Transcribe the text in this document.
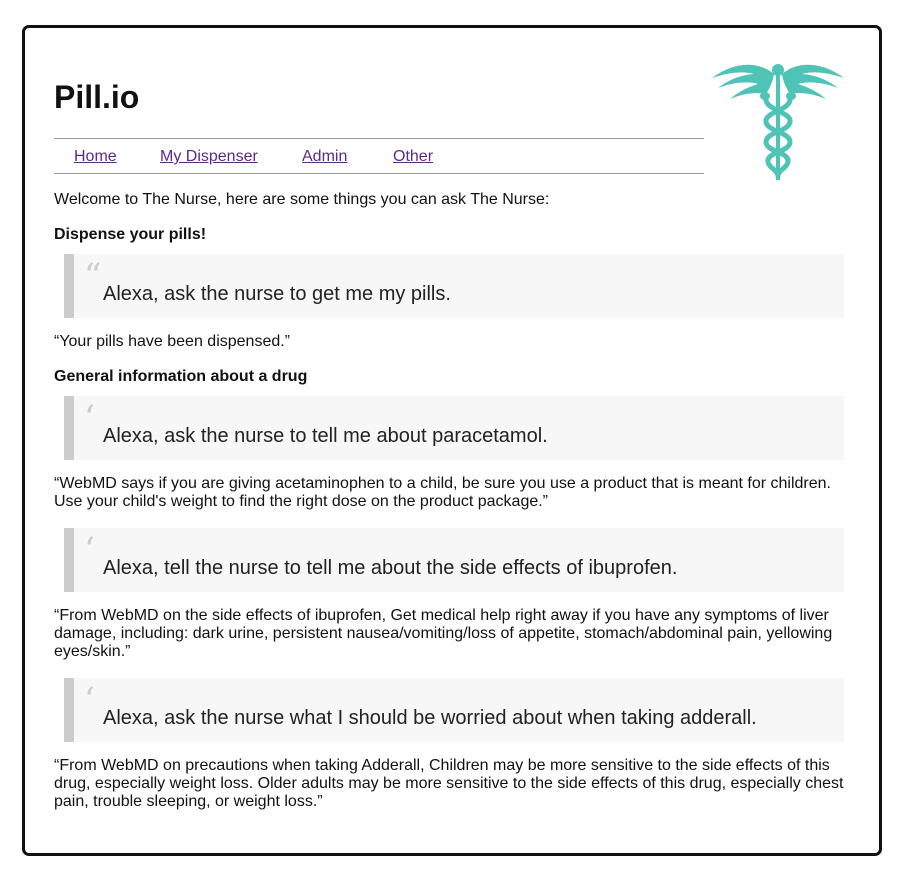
Pill.io
Home	My Dispenser	Admin	Other

Welcome to The Nurse, here are some things you can ask The Nurse:

Dispense your pills!
“ Alexa, ask the nurse to get me my pills.

“Your pills have been dispensed.”

General information about a drug
‘ Alexa, ask the nurse to tell me about paracetamol.

“WebMD says if you are giving acetaminophen to a child, be sure you use a product that is meant for children. Use your child's weight to find the right dose on the product package.”

‘ Alexa, tell the nurse to tell me about the side effects of ibuprofen.

“From WebMD on the side effects of ibuprofen, Get medical help right away if you have any symptoms of liver damage, including: dark urine, persistent nausea/vomiting/loss of appetite, stomach/abdominal pain, yellowing eyes/skin.”

‘ Alexa, ask the nurse what I should be worried about when taking adderall.

“From WebMD on precautions when taking Adderall, Children may be more sensitive to the side effects of this drug, especially weight loss. Older adults may be more sensitive to the side effects of this drug, especially chest pain, trouble sleeping, or weight loss.”
